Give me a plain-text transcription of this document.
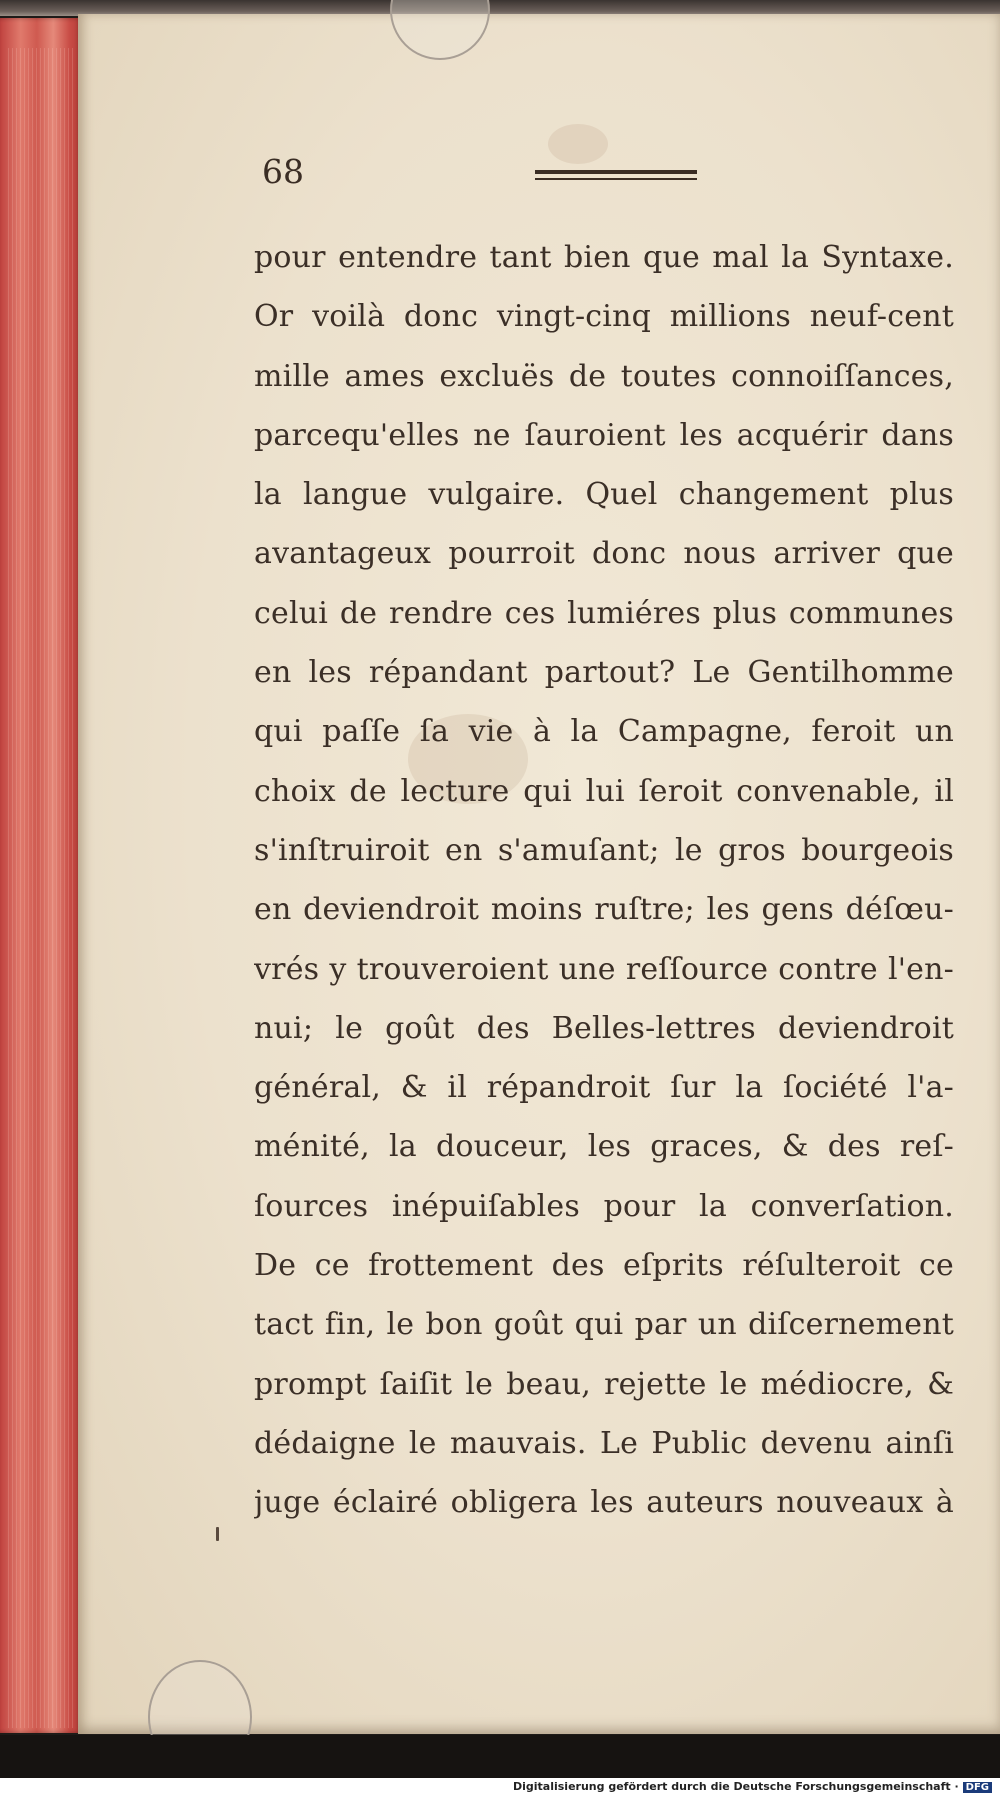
68
pour entendre tant bien que mal la Syntaxe.
Or voilà donc vingt-cinq millions neuf-cent
mille ames excluës de toutes connoiſſances,
parcequ'elles ne ſauroient les acquérir dans
la langue vulgaire. Quel changement plus
avantageux pourroit donc nous arriver que
celui de rendre ces lumiéres plus communes
en les répandant partout? Le Gentilhomme
qui paſſe ſa vie à la Campagne, feroit un
choix de lecture qui lui ſeroit convenable, il
s'inſtruiroit en s'amuſant; le gros bourgeois
en deviendroit moins ruſtre; les gens déſœu-
vrés y trouveroient une reſſource contre l'en-
nui; le goût des Belles-lettres deviendroit
général, & il répandroit ſur la ſociété l'a-
ménité, la douceur, les graces, & des reſ-
ſources inépuiſables pour la converſation.
De ce frottement des eſprits réſulteroit ce
tact fin, le bon goût qui par un diſcernement
prompt ſaiſit le beau, rejette le médiocre, &
dédaigne le mauvais. Le Public devenu ainſi
juge éclairé obligera les auteurs nouveaux à
Digitalisierung gefördert durch die Deutsche Forschungsgemeinschaft · DFG
